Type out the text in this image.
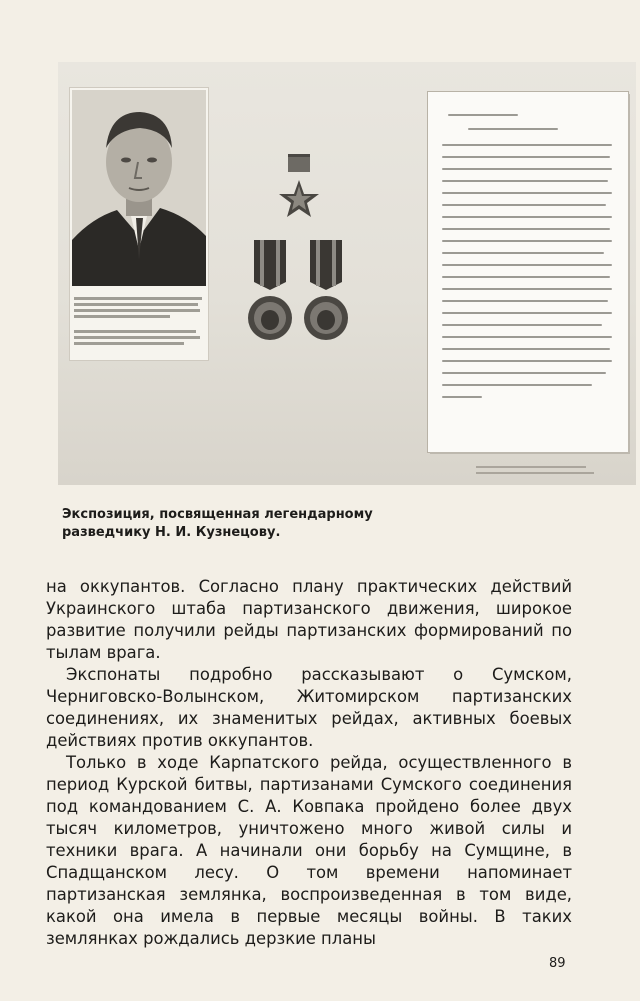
Экспозиция, посвященная легендарному
разведчику Н. И. Кузнецову.

на оккупантов. Согласно плану практических действий Украинского штаба партизанского движения, широкое развитие получили рейды партизанских формирований по тылам врага.

Экспонаты подробно рассказывают о Сумском, Черниговско-Волынском, Житомирском партизанских соединениях, их знаменитых рейдах, активных боевых действиях против оккупантов.

Только в ходе Карпатского рейда, осуществленного в период Курской битвы, партизанами Сумского соединения под командованием С. А. Ковпака пройдено более двух тысяч километров, уничтожено много живой силы и техники врага. А начинали они борьбу на Сумщине, в Спадщанском лесу. О том времени напоминает партизанская землянка, воспроизведенная в том виде, какой она имела в первые месяцы войны. В таких землянках рождались дерзкие планы

89
